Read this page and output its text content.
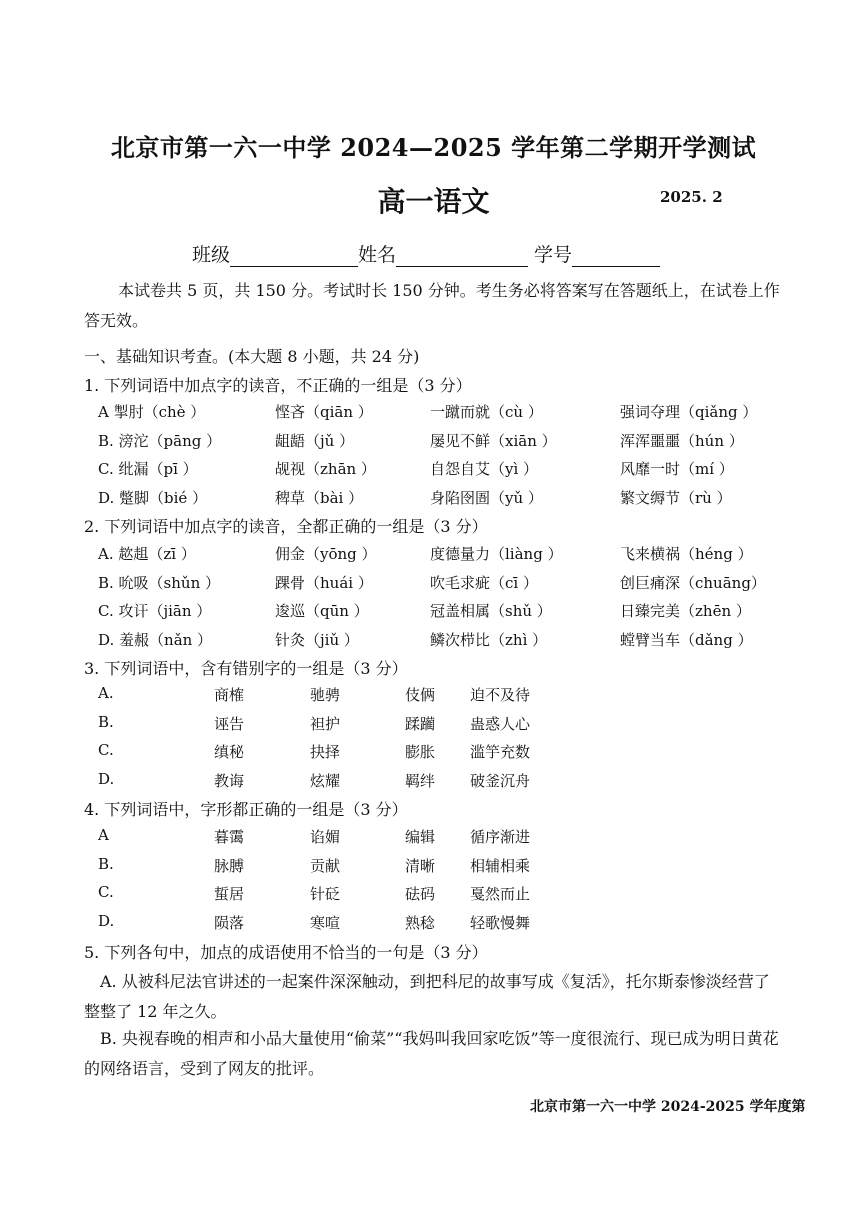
北京市第一六一中学 2024—2025 学年第二学期开学测试
高一语文	2025. 2
班级	姓名	学号
本试卷共 5 页，共 150 分。考试时长 150 分钟。考生务必将答案写在答题纸上，在试卷上作答无效。
一、基础知识考查。(本大题 8 小题，共 24 分)
1. 下列词语中加点字的读音，不正确的一组是（3 分）
A 掣肘（chè ）	悭吝（qiān ）	一蹴而就（cù ）	强词夺理（qiǎng ）
B. 滂沱（pāng ）	龃龉（jǔ ）	屡见不鲜（xiān ）	浑浑噩噩（hún ）
C. 纰漏（pī ）	觇视（zhān ）	自怨自艾（yì ）	风靡一时（mí ）
D. 蹩脚（bié ）	稗草（bài ）	身陷囹圄（yǔ ）	繁文缛节（rù ）
2. 下列词语中加点字的读音，全都正确的一组是（3 分）
A. 趑趄（zī ）	佣金（yōng ）	度德量力（liàng ）	飞来横祸（héng ）
B. 吮吸（shǔn ）	踝骨（huái ）	吹毛求疵（cī ）	创巨痛深（chuāng）
C. 攻讦（jiān ）	逡巡（qūn ）	冠盖相属（shǔ ）	日臻完美（zhēn ）
D. 羞赧（nǎn ）	针灸（jiǔ ）	鳞次栉比（zhì ）	螳臂当车（dǎng ）
3. 下列词语中，含有错别字的一组是（3 分）
A.	商榷	驰骋	伎俩 迫不及待
B.	诬告	袒护	蹂躏 蛊惑人心
C.	缜秘	抉择	膨胀 滥竽充数
D.	教诲	炫耀	羁绊 破釜沉舟
4. 下列词语中，字形都正确的一组是（3 分）
A	暮霭	谄媚	编辑 循序渐进
B.	脉膊	贡献	清晰 相辅相乘
C.	蜇居	针砭	砝码 戛然而止
D.	陨落	寒喧	熟稔 轻歌慢舞
5. 下列各句中，加点的成语使用不恰当的一句是（3 分）
A. 从被科尼法官讲述的一起案件深深触动，到把科尼的故事写成《复活》，托尔斯泰惨淡经营了整整了 12 年之久。
B. 央视春晚的相声和小品大量使用“偷菜”“我妈叫我回家吃饭”等一度很流行、现已成为明日黄花的网络语言，受到了网友的批评。
北京市第一六一中学 2024-2025 学年度第
